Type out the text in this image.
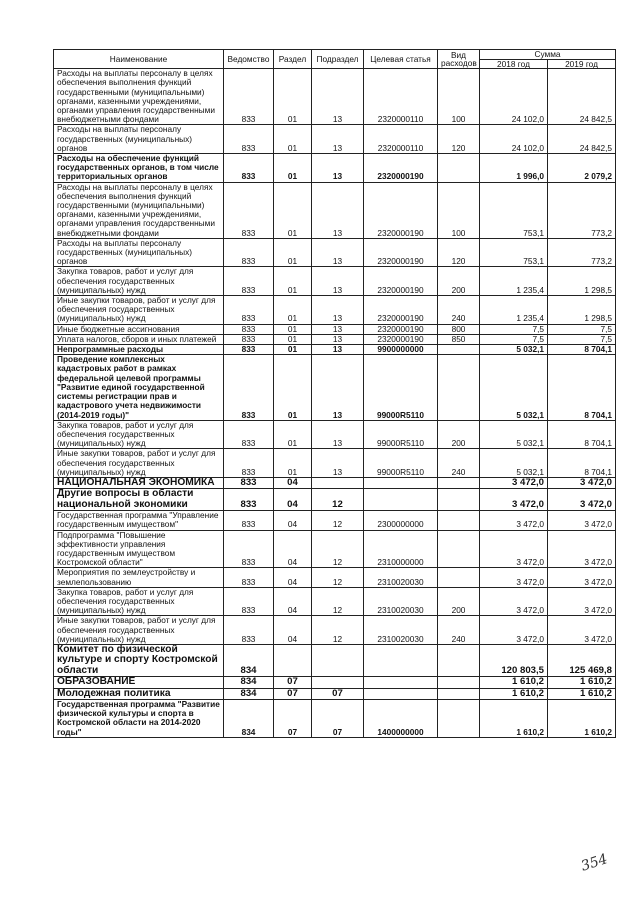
Наименование	Ведомство	Раздел	Подраздел	Целевая статья	Вид расходов	Сумма	
						2018 год	2019 год
Расходы на выплаты персоналу в целях обеспечения выполнения функций государственными (муниципальными) органами, казенными учреждениями, органами управления государственными внебюджетными фондами	833	01	13	2320000110	100	24 102,0	24 842,5
Расходы на выплаты персоналу государственных (муниципальных) органов	833	01	13	2320000110	120	24 102,0	24 842,5
Расходы на обеспечение функций государственных органов, в том числе территориальных органов	833	01	13	2320000190		1 996,0	2 079,2
Расходы на выплаты персоналу в целях обеспечения выполнения функций государственными (муниципальными) органами, казенными учреждениями, органами управления государственными внебюджетными фондами	833	01	13	2320000190	100	753,1	773,2
Расходы на выплаты персоналу государственных (муниципальных) органов	833	01	13	2320000190	120	753,1	773,2
Закупка товаров, работ и услуг для обеспечения государственных (муниципальных) нужд	833	01	13	2320000190	200	1 235,4	1 298,5
Иные закупки товаров, работ и услуг для обеспечения государственных (муниципальных) нужд	833	01	13	2320000190	240	1 235,4	1 298,5
Иные бюджетные ассигнования	833	01	13	2320000190	800	7,5	7,5
Уплата налогов, сборов и иных платежей	833	01	13	2320000190	850	7,5	7,5
Непрограммные расходы	833	01	13	9900000000		5 032,1	8 704,1
Проведение комплексных кадастровых работ в рамках федеральной целевой программы "Развитие единой государственной системы регистрации прав и кадастрового учета недвижимости (2014-2019 годы)"	833	01	13	99000R5110		5 032,1	8 704,1
Закупка товаров, работ и услуг для обеспечения государственных (муниципальных) нужд	833	01	13	99000R5110	200	5 032,1	8 704,1
Иные закупки товаров, работ и услуг для обеспечения государственных (муниципальных) нужд	833	01	13	99000R5110	240	5 032,1	8 704,1
НАЦИОНАЛЬНАЯ ЭКОНОМИКА	833	04				3 472,0	3 472,0
Другие вопросы в области национальной экономики	833	04	12			3 472,0	3 472,0
Государственная программа "Управление государственным имуществом"	833	04	12	2300000000		3 472,0	3 472,0
Подпрограмма "Повышение эффективности управления государственным имуществом Костромской области"	833	04	12	2310000000		3 472,0	3 472,0
Мероприятия по землеустройству и землепользованию	833	04	12	2310020030		3 472,0	3 472,0
Закупка товаров, работ и услуг для обеспечения государственных (муниципальных) нужд	833	04	12	2310020030	200	3 472,0	3 472,0
Иные закупки товаров, работ и услуг для обеспечения государственных (муниципальных) нужд	833	04	12	2310020030	240	3 472,0	3 472,0
Комитет по физической культуре и спорту Костромской области	834					120 803,5	125 469,8
ОБРАЗОВАНИЕ	834	07				1 610,2	1 610,2
Молодежная политика	834	07	07			1 610,2	1 610,2
Государственная программа "Развитие физической культуры и спорта в Костромской области на 2014-2020 годы"	834	07	07	1400000000		1 610,2	1 610,2
354
